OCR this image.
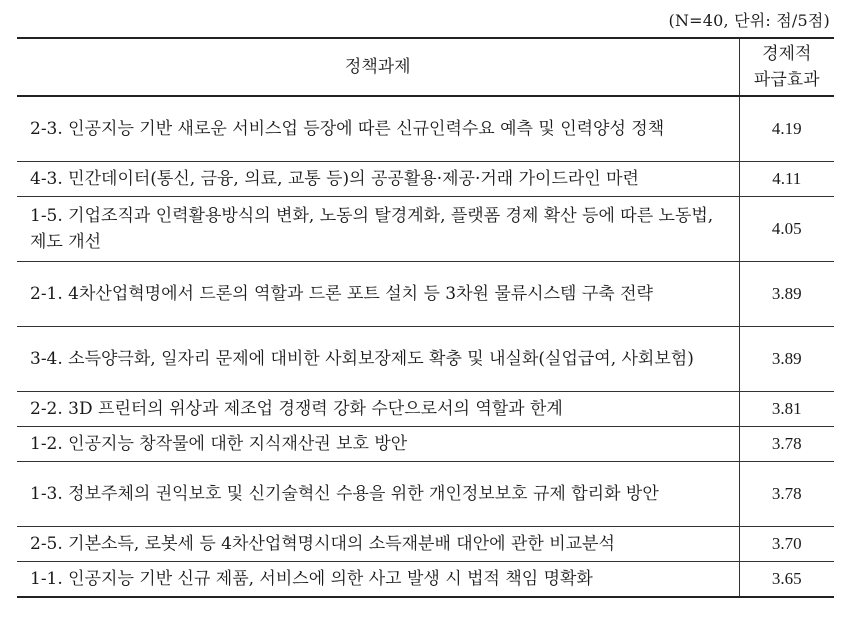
(N=40, 단위: 점/5점)
정책과제	경제적
파급효과

2-3. 인공지능 기반 새로운 서비스업 등장에 따른 신규인력수요 예측 및 인력양성 정책	4.19
4-3. 민간데이터(통신, 금융, 의료, 교통 등)의 공공활용·제공·거래 가이드라인 마련	4.11
1-5. 기업조직과 인력활용방식의 변화, 노동의 탈경계화, 플랫폼 경제 확산 등에 따른 노동법, 제도 개선	4.05
2-1. 4차산업혁명에서 드론의 역할과 드론 포트 설치 등 3차원 물류시스템 구축 전략	3.89
3-4. 소득양극화, 일자리 문제에 대비한 사회보장제도 확충 및 내실화(실업급여, 사회보험)	3.89
2-2. 3D 프린터의 위상과 제조업 경쟁력 강화 수단으로서의 역할과 한계	3.81
1-2. 인공지능 창작물에 대한 지식재산권 보호 방안	3.78
1-3. 정보주체의 권익보호 및 신기술혁신 수용을 위한 개인정보보호 규제 합리화 방안	3.78
2-5. 기본소득, 로봇세 등 4차산업혁명시대의 소득재분배 대안에 관한 비교분석	3.70
1-1. 인공지능 기반 신규 제품, 서비스에 의한 사고 발생 시 법적 책임 명확화	3.65
